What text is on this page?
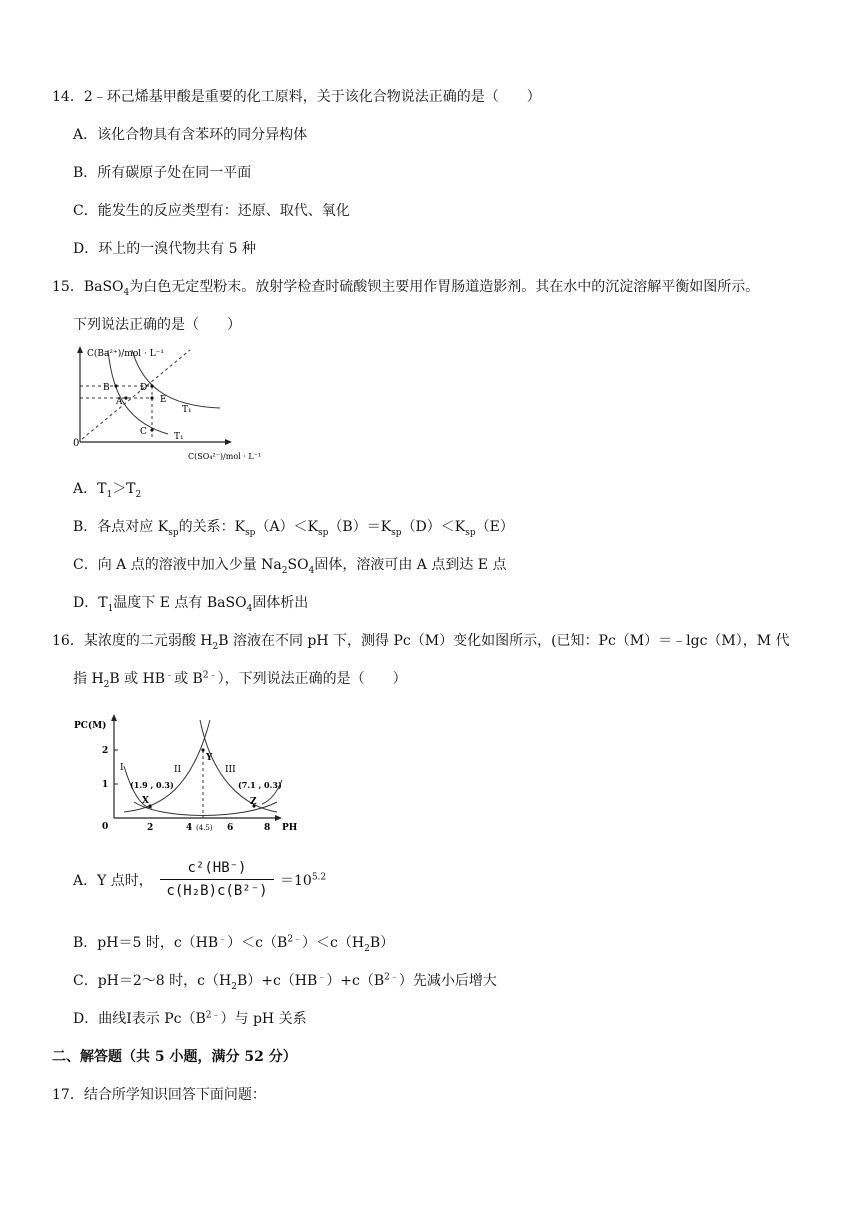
14．2﹣环己烯基甲酸是重要的化工原料，关于该化合物说法正确的是（　　）
A．该化合物具有含苯环的同分异构体
B．所有碳原子处在同一平面
C．能发生的反应类型有：还原、取代、氧化
D．环上的一溴代物共有 5 种
15．BaSO$_4$为白色无定型粉末。放射学检查时硫酸钡主要用作胃肠道造影剂。其在水中的沉淀溶解平衡如图所示。
下列说法正确的是（　　）
C(Ba²⁺)/mol · L⁻¹
C(SO₄²⁻)/mol · L⁻¹
0
B	D
A	E
C
T₁
T₁
A．$T_1>T_2$
B．各点对应 $K_{sp}$的关系：$K_{sp}(A)<K_{sp}(B)=K_{sp}(D)<K_{sp}(E)$
C．向 A 点的溶液中加入少量 $Na_2SO_4$固体，溶液可由 A 点到达 E 点
D．$T_1$温度下 E 点有 BaSO$_4$固体析出
16．某浓度的二元弱酸 $H_2B$ 溶液在不同 pH 下，测得 Pc（M）变化如图所示，(已知：Pc（M）＝﹣lgc（M），M 代
指 $H_2B$ 或 HB﹣或 $B^{2﹣}$），下列说法正确的是（　　）
PC(M)
PH
2
1
0	2	4 (4.5) 6	8
X
Y
Z
(1.9 , 0.3)	(7.1 , 0.3)
I	II	III
A．Y 点时，
c²(HB⁻)
c(H₂B)c(B²⁻)
$=10^{5.2}$
B．pH＝5 时，$c(HB^﹣)<c(B^{2﹣})<c(H_2B)$
C．pH＝2～8 时，$c(H_2B)+c(HB^﹣)+c(B^{2﹣})$先减小后增大
D．曲线Ⅰ表示 $Pc(B^{2﹣})$与 pH 关系
二、解答题（共 5 小题，满分 52 分）
17．结合所学知识回答下面问题：
